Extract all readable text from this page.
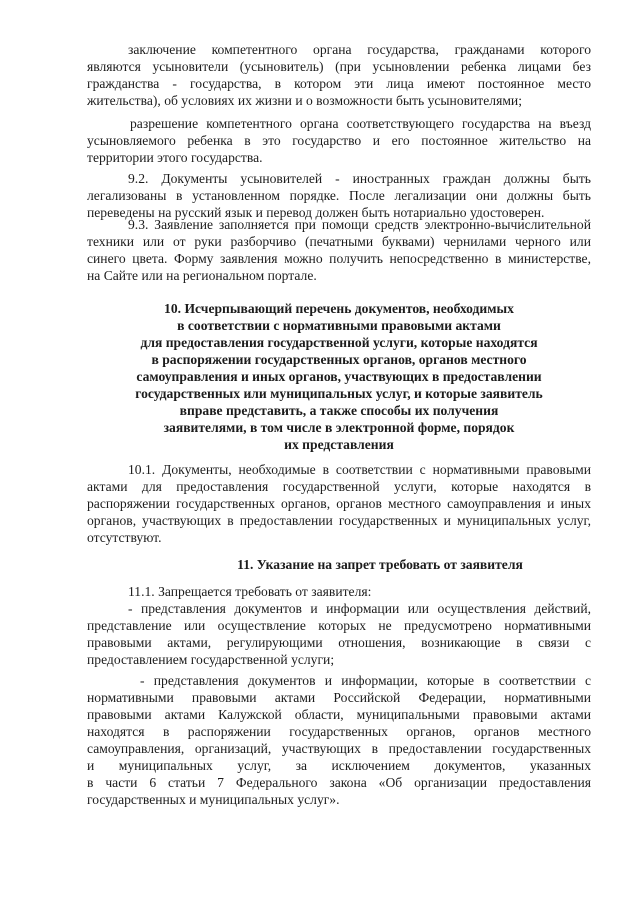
заключение компетентного органа государства, гражданами которого
являются усыновители (усыновитель) (при усыновлении ребенка лицами без
гражданства - государства, в котором эти лица имеют постоянное место
жительства), об условиях их жизни и о возможности быть усыновителями;
разрешение компетентного органа соответствующего государства на въезд
усыновляемого ребенка в это государство и его постоянное жительство на
территории этого государства.
9.2. Документы усыновителей - иностранных граждан должны быть
легализованы в установленном порядке. После легализации они должны быть
переведены на русский язык и перевод должен быть нотариально удостоверен.
9.3. Заявление заполняется при помощи средств электронно-вычислительной
техники или от руки разборчиво (печатными буквами) чернилами черного или
синего цвета. Форму заявления можно получить непосредственно в министерстве,
на Сайте или на региональном портале.
10. Исчерпывающий перечень документов, необходимых
в соответствии с нормативными правовыми актами
для предоставления государственной услуги, которые находятся
в распоряжении государственных органов, органов местного
самоуправления и иных органов, участвующих в предоставлении
государственных или муниципальных услуг, и которые заявитель
вправе представить, а также способы их получения
заявителями, в том числе в электронной форме, порядок
их представления
10.1. Документы, необходимые в соответствии с нормативными правовыми
актами для предоставления государственной услуги, которые находятся в
распоряжении государственных органов, органов местного самоуправления и иных
органов, участвующих в предоставлении государственных и муниципальных услуг,
отсутствуют.
11. Указание на запрет требовать от заявителя
11.1. Запрещается требовать от заявителя:
- представления документов и информации или осуществления действий,
представление или осуществление которых не предусмотрено нормативными
правовыми актами, регулирующими отношения, возникающие в связи с
предоставлением государственной услуги;
- представления документов и информации, которые в соответствии с
нормативными правовыми актами Российской Федерации, нормативными
правовыми актами Калужской области, муниципальными правовыми актами
находятся в распоряжении государственных органов, органов местного
самоуправления, организаций, участвующих в предоставлении государственных
и муниципальных услуг, за исключением документов, указанных
в части 6 статьи 7 Федерального закона «Об организации предоставления
государственных и муниципальных услуг».
